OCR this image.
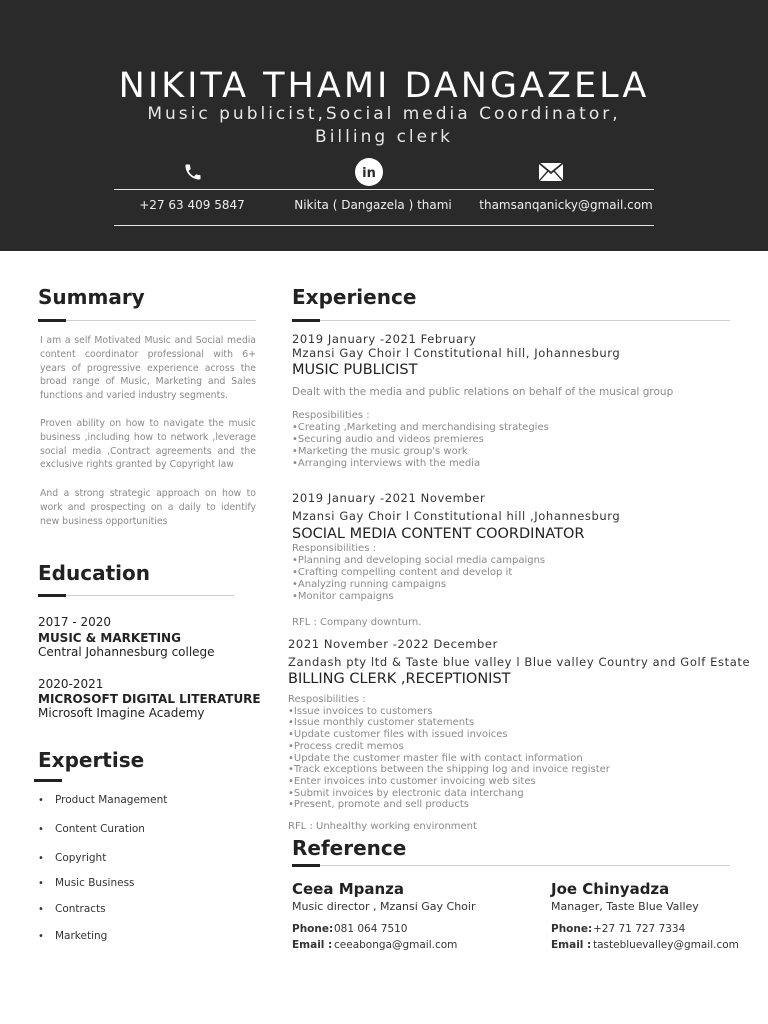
NIKITA THAMI DANGAZELA
Music publicist,Social media Coordinator,
Billing clerk
in
+27 63 409 5847	Nikita ( Dangazela ) thami	thamsanqanicky@gmail.com
Summary

I am a self Motivated Music and Social media content coordinator professional with 6+ years of progressive experience across the broad range of Music, Marketing and Sales functions and varied industry segments.

Proven ability on how to navigate the music business ,including how to network ,leverage social media ,Contract agreements and the exclusive rights granted by Copyright law

And a strong strategic approach on how to work and prospecting on a daily to identify new business opportunities

Education
2017 - 2020
MUSIC & MARKETING
Central Johannesburg college
2020-2021
MICROSOFT DIGITAL LITERATURE
Microsoft Imagine Academy
Expertise
• Product Management
• Content Curation
• Copyright
• Music Business
• Contracts
• Marketing
Experience
2019 January -2021 February
Mzansi Gay Choir l Constitutional hill, Johannesburg
MUSIC PUBLICIST
Dealt with the media and public relations on behalf of the musical group
Resposibilities :
•Creating ,Marketing and merchandising strategies
•Securing audio and videos premieres
•Marketing the music group's work
•Arranging interviews with the media
2019 January -2021 November
Mzansi Gay Choir l Constitutional hill ,Johannesburg
SOCIAL MEDIA CONTENT COORDINATOR
Responsibilities :
•Planning and developing social media campaigns
•Crafting compelling content and develop it
•Analyzing running campaigns
•Monitor campaigns
RFL : Company downturn.
2021 November -2022 December
Zandash pty ltd & Taste blue valley l Blue valley Country and Golf Estate
BILLING CLERK ,RECEPTIONIST
Resposibilities :
•Issue invoices to customers
•Issue monthly customer statements
•Update customer files with issued invoices
•Process credit memos
•Update the customer master file with contact information
•Track exceptions between the shipping log and invoice register
•Enter invoices into customer invoicing web sites
•Submit invoices by electronic data interchang
•Present, promote and sell products
RFL : Unhealthy working environment
Reference
Ceea Mpanza
Music director , Mzansi Gay Choir
Phone:081 064 7510
Email : ceeabonga@gmail.com
Joe Chinyadza
Manager, Taste Blue Valley
Phone:+27 71 727 7334
Email : tastebluevalley@gmail.com
